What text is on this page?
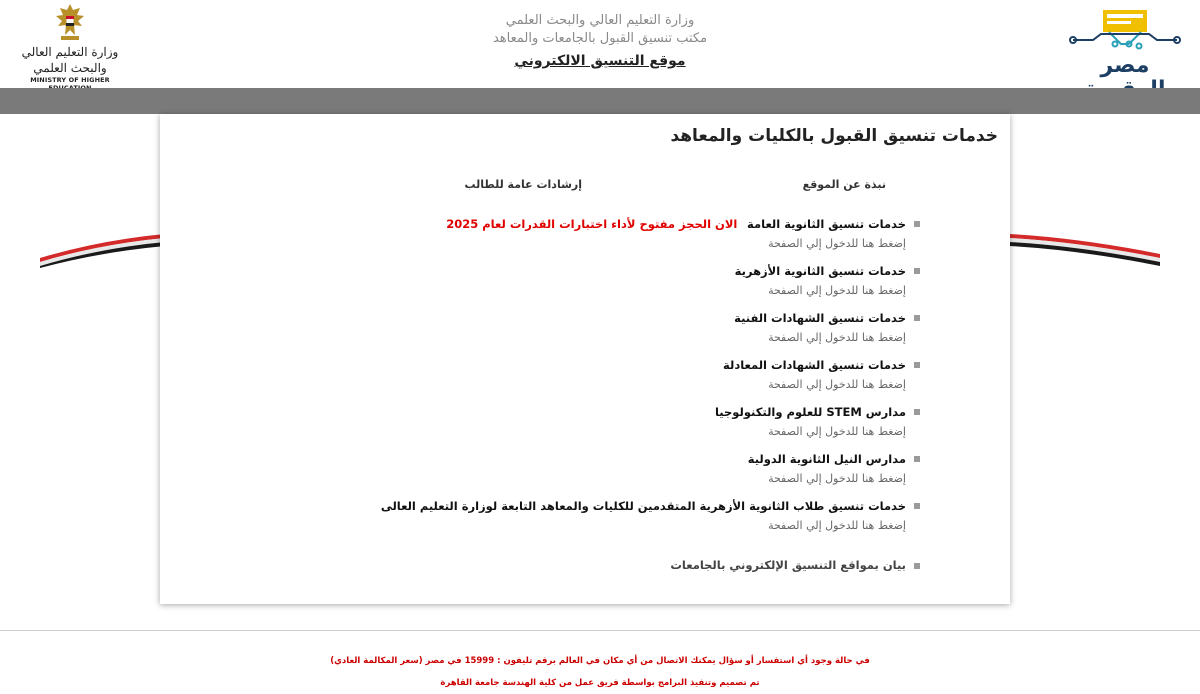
وزارة التعليم العالي والبحث العلمي
MINISTRY OF HIGHER
وزارة التعليم العالي والبحث العلمي
مكتب تنسيق القبول بالجامعات والمعاهد
موقع التنسيق الالكتروني	مصر
خدمات تنسيق القبول بالكليات والمعاهد
نبذة عن الموقع
إرشادات عامة للطالب
خدمات تنسيق الثانوية العامة الان الحجز مفتوح لأداء اختبارات القدرات لعام 2025
إضغط هنا للدخول إلي الصفحة
خدمات تنسيق الثانوية الأزهرية
إضغط هنا للدخول إلي الصفحة
خدمات تنسيق الشهادات الفنية
إضغط هنا للدخول إلي الصفحة
خدمات تنسيق الشهادات المعادلة
إضغط هنا للدخول إلي الصفحة
مدارس STEM للعلوم والتكنولوجيا
إضغط هنا للدخول إلي الصفحة
مدارس النيل الثانوية الدولية
إضغط هنا للدخول إلي الصفحة
خدمات تنسيق طلاب الثانوية الأزهرية المتقدمين للكليات والمعاهد التابعة لوزارة التعليم العالى
إضغط هنا للدخول إلي الصفحة
بيان بمواقع التنسيق الإلكتروني بالجامعات
في حالة وجود أي استفسار أو سؤال يمكنك الاتصال من أي مكان في العالم برقم تليفون : 15999 في مصر (سعر المكالمة العادي)
تم تصميم وتنفيذ البرامج بواسطة فريق عمل من كلية الهندسة جامعة القاهرة
